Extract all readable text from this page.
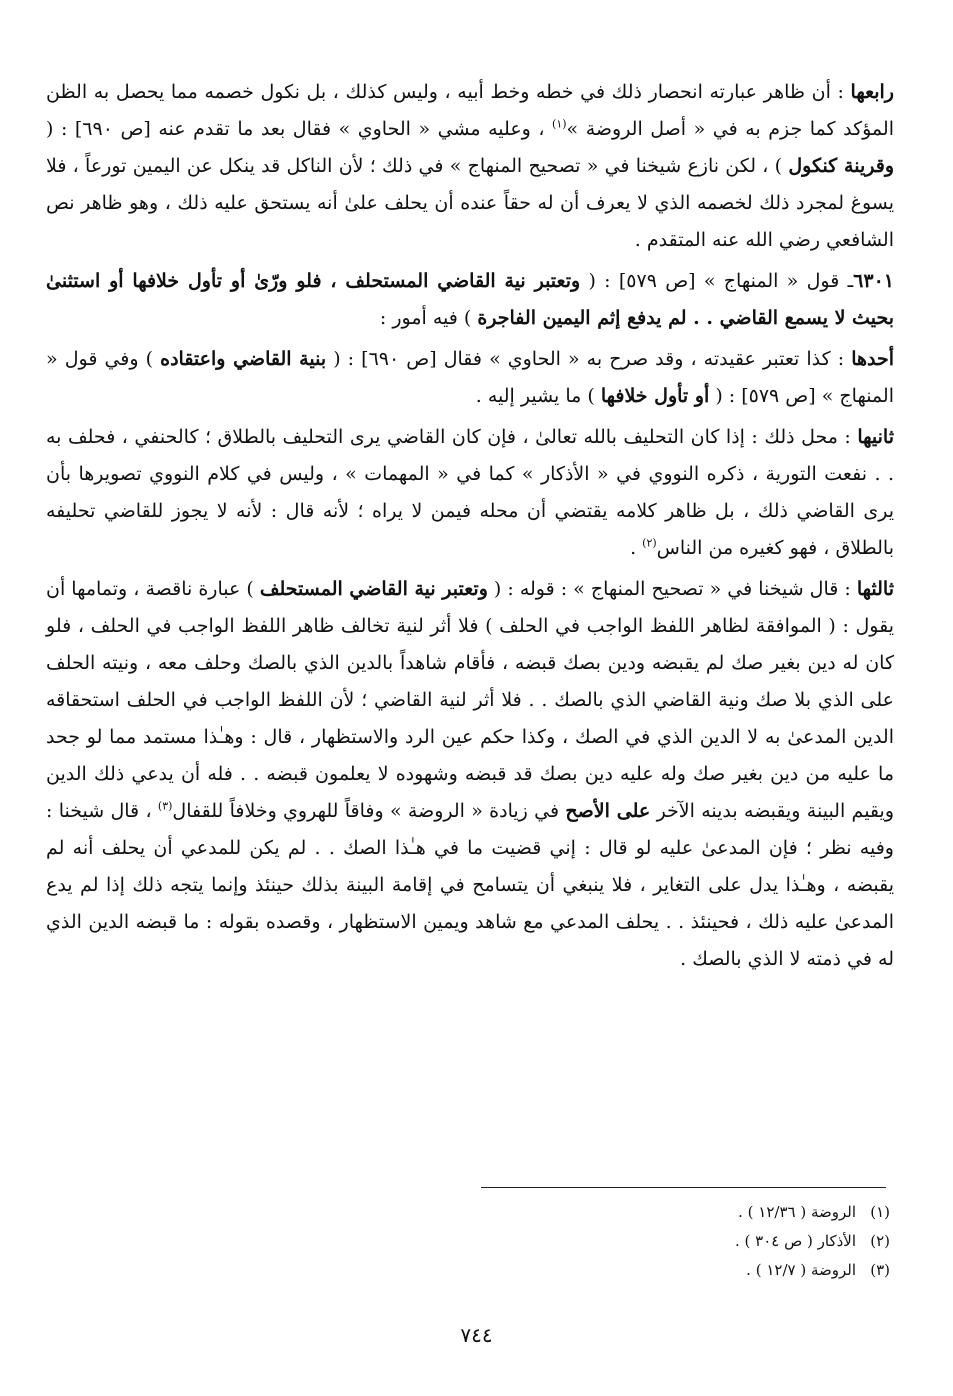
رابعها : أن ظاهر عبارته انحصار ذلك في خطه وخط أبيه ، وليس كذلك ، بل نكول خصمه مما يحصل به الظن المؤكد كما جزم به في « أصل الروضة »$^{(١)}$ ، وعليه مشي « الحاوي » فقال بعد ما تقدم عنه [ص ٦٩٠] : ( وقرينة كنكول ) ، لكن نازع شيخنا في « تصحيح المنهاج » في ذلك ؛ لأن الناكل قد ينكل عن اليمين تورعاً ، فلا يسوغ لمجرد ذلك لخصمه الذي لا يعرف أن له حقاً عنده أن يحلف علىٰ أنه يستحق عليه ذلك ، وهو ظاهر نص الشافعي رضي الله عنه المتقدم .

٦٣٠١ـ قول « المنهاج » [ص ٥٧٩] : ( وتعتبر نية القاضي المستحلف ، فلو ورّىٰ أو تأول خلافها أو استثنىٰ بحيث لا يسمع القاضي . . لم يدفع إثم اليمين الفاجرة ) فيه أمور :

أحدها : كذا تعتبر عقيدته ، وقد صرح به « الحاوي » فقال [ص ٦٩٠] : ( بنية القاضي واعتقاده ) وفي قول « المنهاج » [ص ٥٧٩] : ( أو تأول خلافها ) ما يشير إليه .

ثانيها : محل ذلك : إذا كان التحليف بالله تعالىٰ ، فإن كان القاضي يرى التحليف بالطلاق ؛ كالحنفي ، فحلف به . . نفعت التورية ، ذكره النووي في « الأذكار » كما في « المهمات » ، وليس في كلام النووي تصويرها بأن يرى القاضي ذلك ، بل ظاهر كلامه يقتضي أن محله فيمن لا يراه ؛ لأنه قال : لأنه لا يجوز للقاضي تحليفه بالطلاق ، فهو كغيره من الناس$^{(٢)}$ .

ثالثها : قال شيخنا في « تصحيح المنهاج » : قوله : ( وتعتبر نية القاضي المستحلف ) عبارة ناقصة ، وتمامها أن يقول : ( الموافقة لظاهر اللفظ الواجب في الحلف ) فلا أثر لنية تخالف ظاهر اللفظ الواجب في الحلف ، فلو كان له دين بغير صك لم يقبضه ودين بصك قبضه ، فأقام شاهداً بالدين الذي بالصك وحلف معه ، ونيته الحلف على الذي بلا صك ونية القاضي الذي بالصك . . فلا أثر لنية القاضي ؛ لأن اللفظ الواجب في الحلف استحقاقه الدين المدعىٰ به لا الدين الذي في الصك ، وكذا حكم عين الرد والاستظهار ، قال : وهـٰذا مستمد مما لو جحد ما عليه من دين بغير صك وله عليه دين بصك قد قبضه وشهوده لا يعلمون قبضه . . فله أن يدعي ذلك الدين ويقيم البينة ويقبضه بدينه الآخر على الأصح في زيادة « الروضة » وفاقاً للهروي وخلافاً للقفال$^{(٣)}$ ، قال شيخنا : وفيه نظر ؛ فإن المدعىٰ عليه لو قال : إني قضيت ما في هـٰذا الصك . . لم يكن للمدعي أن يحلف أنه لم يقبضه ، وهـٰذا يدل على التغاير ، فلا ينبغي أن يتسامح في إقامة البينة بذلك حينئذ وإنما يتجه ذلك إذا لم يدع المدعىٰ عليه ذلك ، فحينئذ . . يحلف المدعي مع شاهد ويمين الاستظهار ، وقصده بقوله : ما قبضه الدين الذي له في ذمته لا الذي بالصك .

(١)الروضة ( ١٢/٣٦ ) .
(٢)الأذكار ( ص ٣٠٤ ) .
(٣)الروضة ( ١٢/٧ ) .
٧٤٤
